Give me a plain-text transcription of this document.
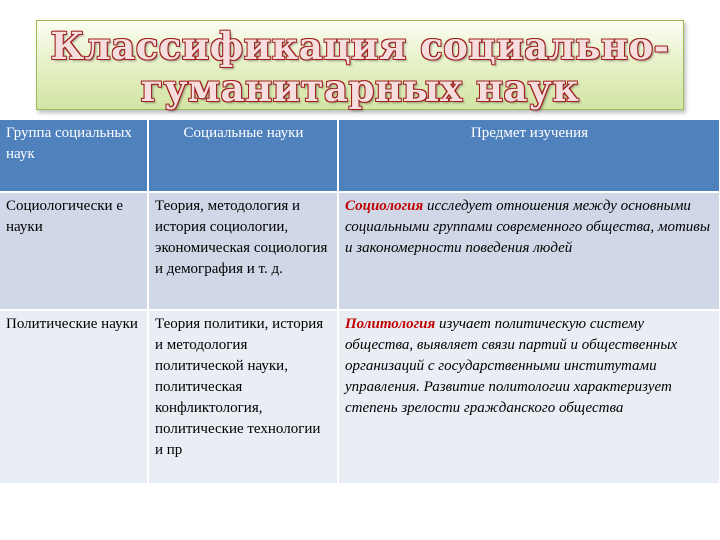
Классификация социально-
гуманитарных наук
Группа социальных наук	Социальные науки	Предмет изучения
Социологически е науки	Теория, методология и история социологии, экономическая социология и демография и т. д.	Социология исследует отношения между основными социальными группами современного общества, мотивы и закономерности поведения людей
Политические науки	Теория политики, история и методология политической науки, политическая конфликтология, политические технологии и пр	Политология изучает политическую систему общества, выявляет связи партий и общественных организаций с государственными институтами управления. Развитие политологии характеризует степень зрелости гражданского общества
